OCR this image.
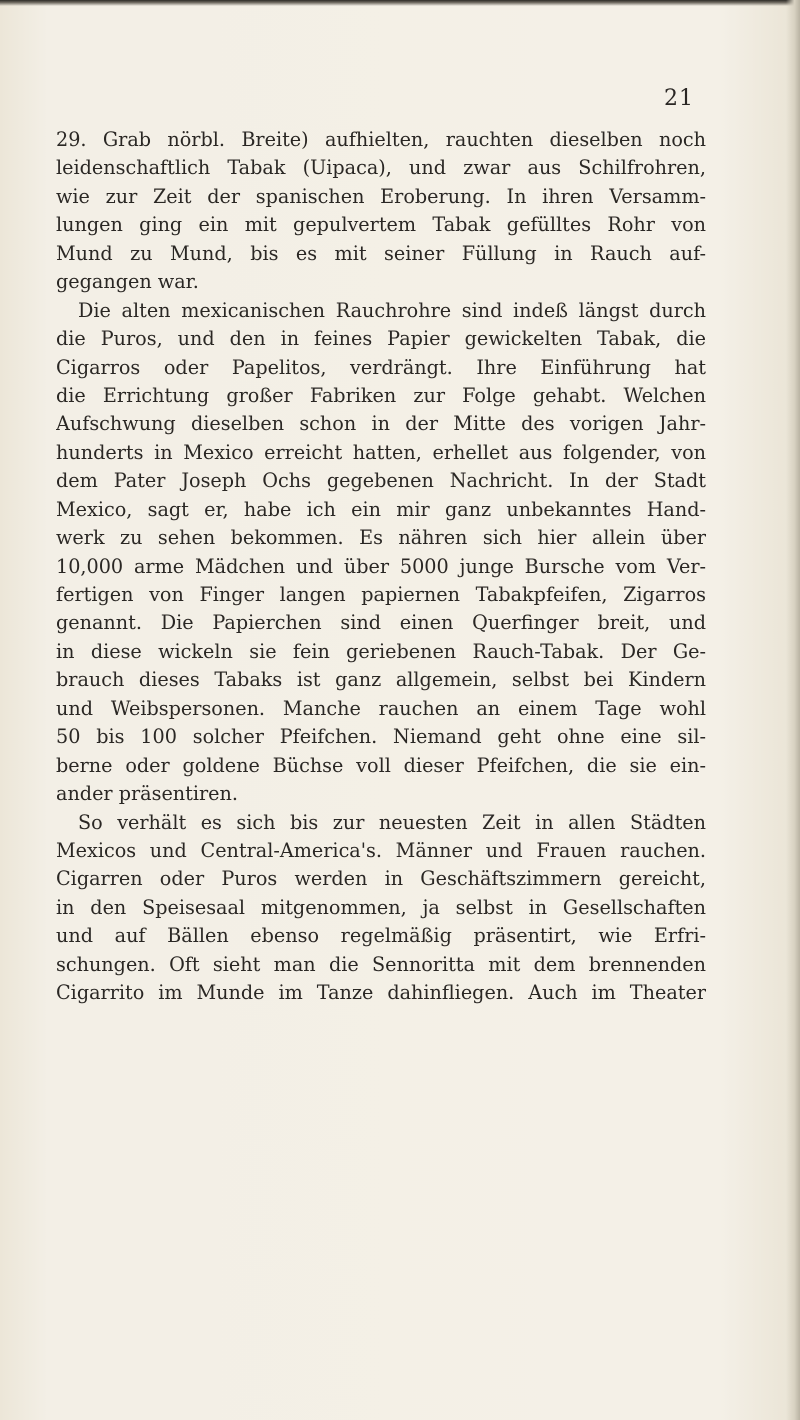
21
29. Grab nörbl. Breite) aufhielten, rauchten dieselben noch
leidenschaftlich Tabak (Uipaca), und zwar aus Schilfrohren,
wie zur Zeit der spanischen Eroberung. In ihren Versamm-
lungen ging ein mit gepulvertem Tabak gefülltes Rohr von
Mund zu Mund, bis es mit seiner Füllung in Rauch auf-
gegangen war.
Die alten mexicanischen Rauchrohre sind indeß längst durch
die Puros, und den in feines Papier gewickelten Tabak, die
Cigarros oder Papelitos, verdrängt. Ihre Einführung hat
die Errichtung großer Fabriken zur Folge gehabt. Welchen
Aufschwung dieselben schon in der Mitte des vorigen Jahr-
hunderts in Mexico erreicht hatten, erhellet aus folgender, von
dem Pater Joseph Ochs gegebenen Nachricht. In der Stadt
Mexico, sagt er, habe ich ein mir ganz unbekanntes Hand-
werk zu sehen bekommen. Es nähren sich hier allein über
10,000 arme Mädchen und über 5000 junge Bursche vom Ver-
fertigen von Finger langen papiernen Tabakpfeifen, Zigarros
genannt. Die Papierchen sind einen Querfinger breit, und
in diese wickeln sie fein geriebenen Rauch-Tabak. Der Ge-
brauch dieses Tabaks ist ganz allgemein, selbst bei Kindern
und Weibspersonen. Manche rauchen an einem Tage wohl
50 bis 100 solcher Pfeifchen. Niemand geht ohne eine sil-
berne oder goldene Büchse voll dieser Pfeifchen, die sie ein-
ander präsentiren.
So verhält es sich bis zur neuesten Zeit in allen Städten
Mexicos und Central-America's. Männer und Frauen rauchen.
Cigarren oder Puros werden in Geschäftszimmern gereicht,
in den Speisesaal mitgenommen, ja selbst in Gesellschaften
und auf Bällen ebenso regelmäßig präsentirt, wie Erfri-
schungen. Oft sieht man die Sennoritta mit dem brennenden
Cigarrito im Munde im Tanze dahinfliegen. Auch im Theater
